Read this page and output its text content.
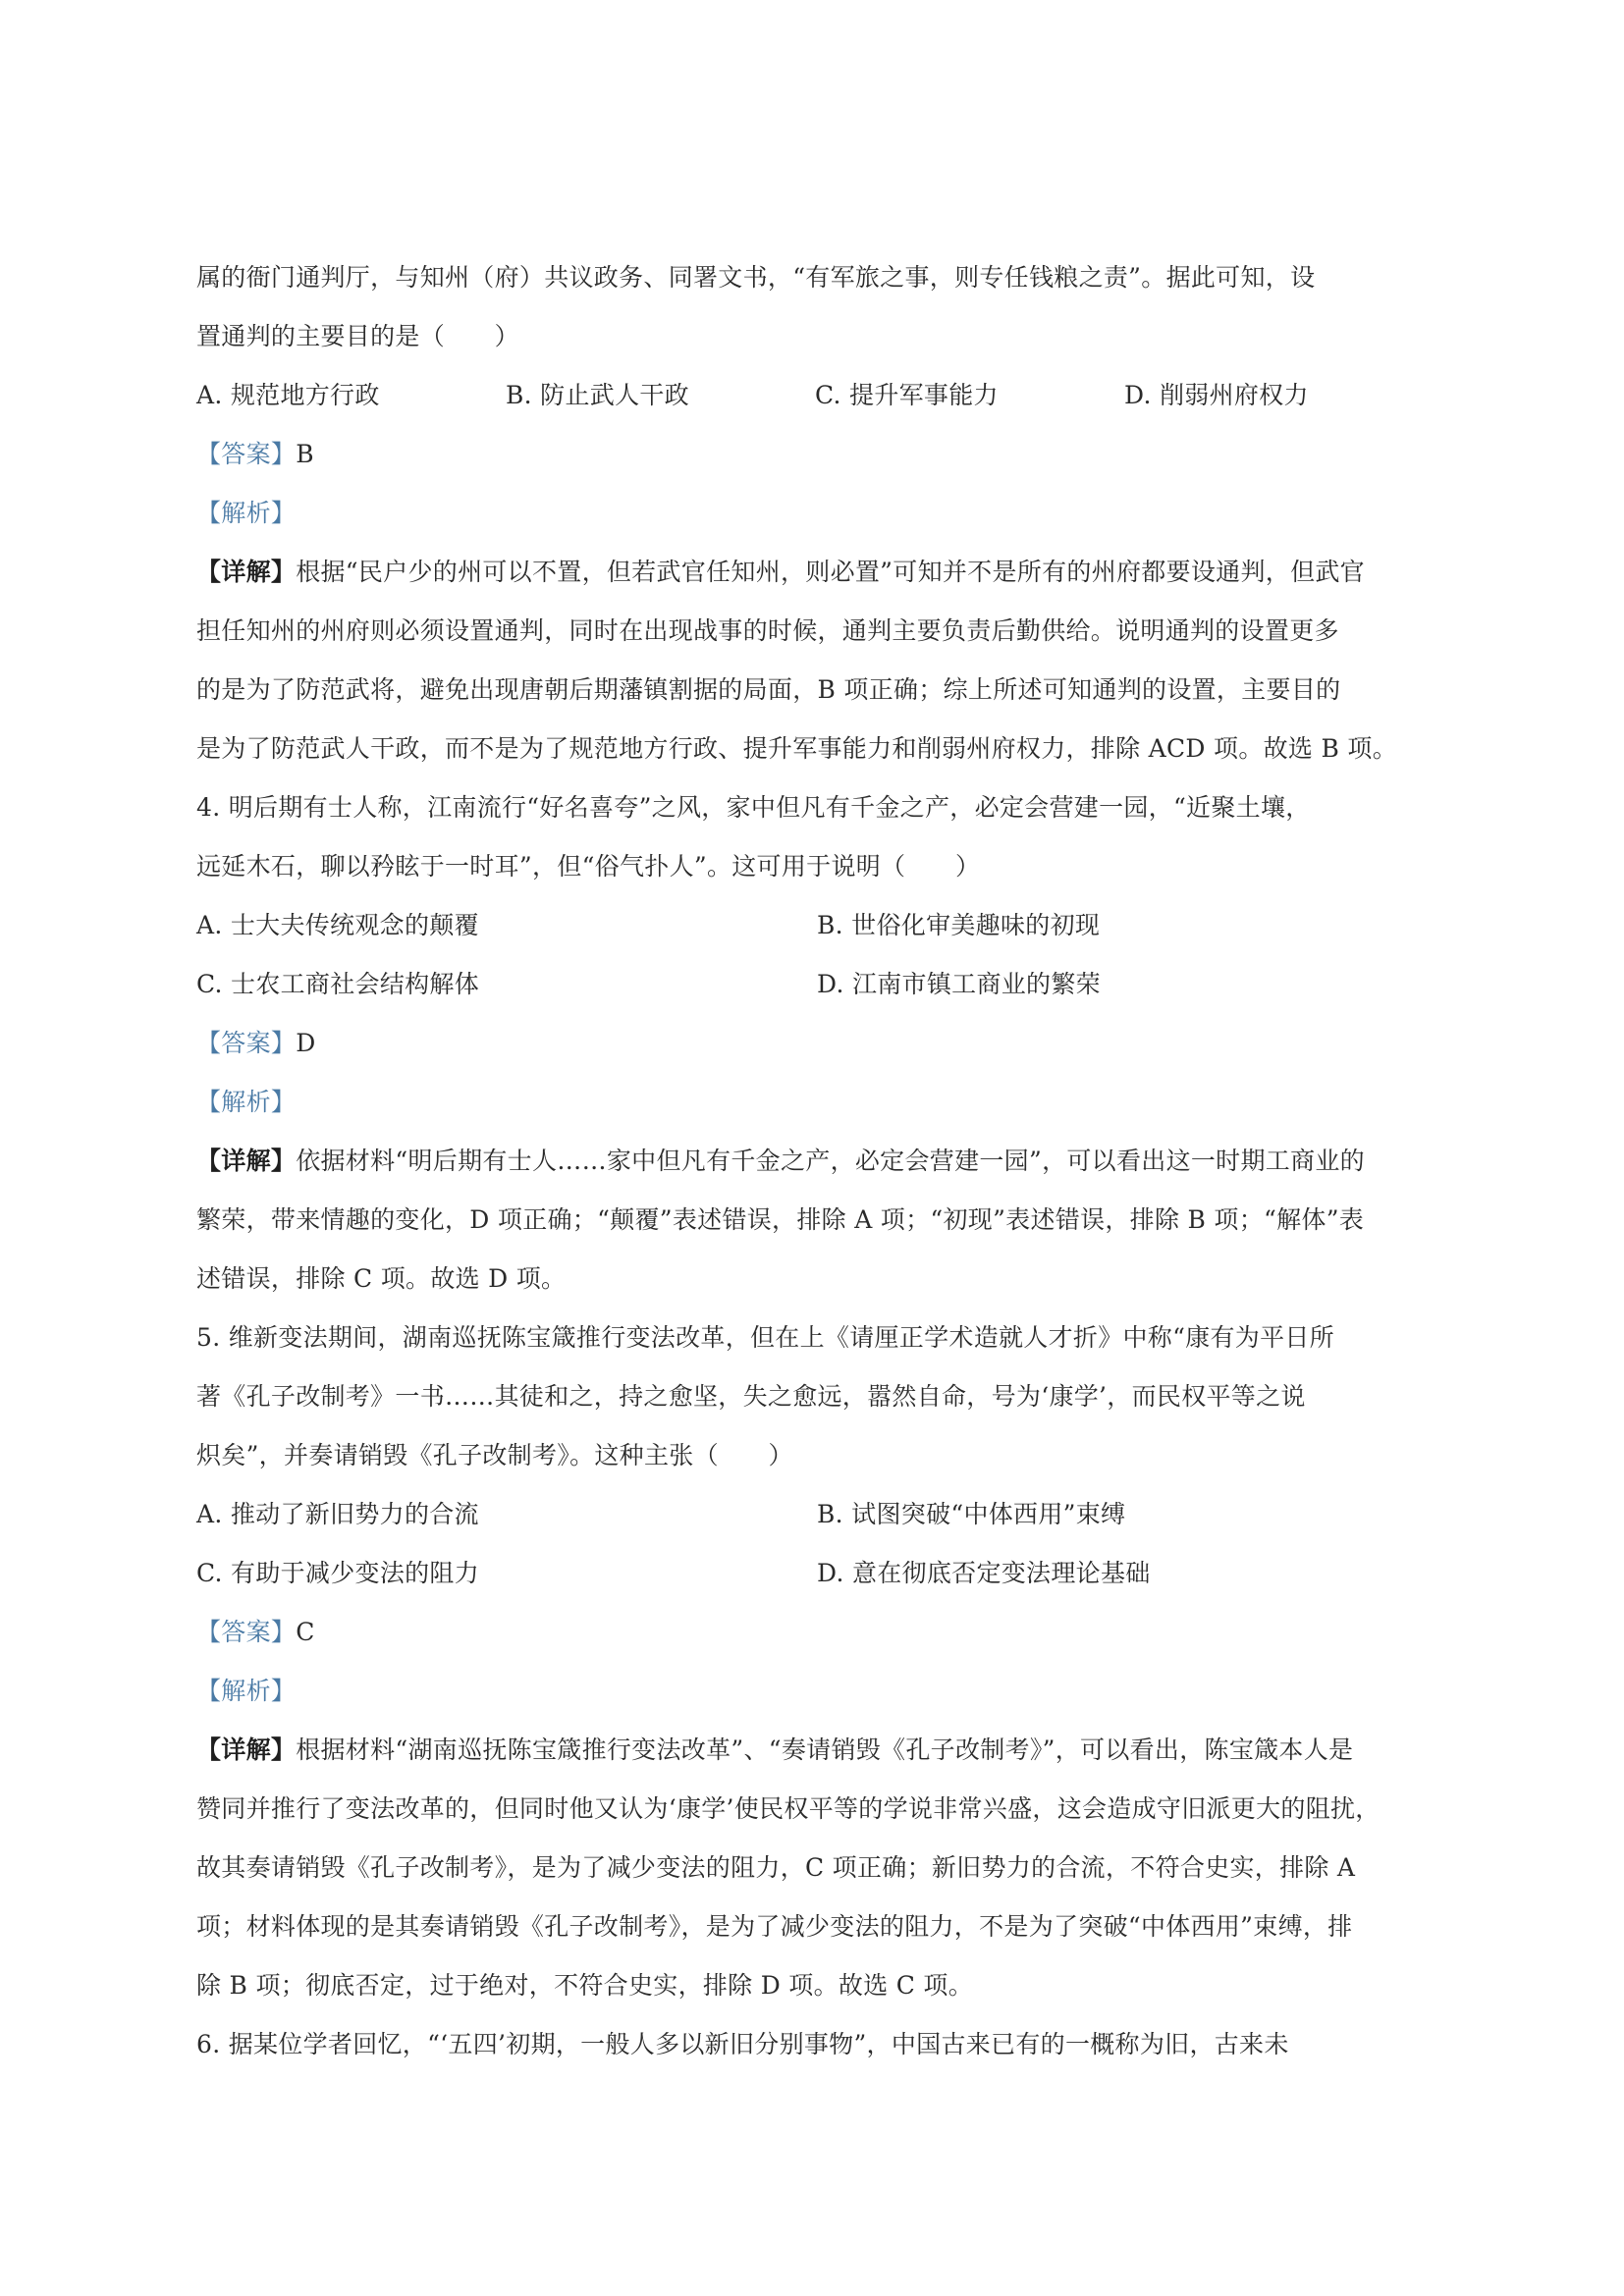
属的衙门通判厅，与知州（府）共议政务、同署文书，“有军旅之事，则专任钱粮之责”。据此可知，设
置通判的主要目的是（　　）
A. 规范地方行政	B. 防止武人干政	C. 提升军事能力	D. 削弱州府权力
【答案】B
【解析】
【详解】根据“民户少的州可以不置，但若武官任知州，则必置”可知并不是所有的州府都要设通判，但武官
担任知州的州府则必须设置通判，同时在出现战事的时候，通判主要负责后勤供给。说明通判的设置更多
的是为了防范武将，避免出现唐朝后期藩镇割据的局面，B 项正确；综上所述可知通判的设置，主要目的
是为了防范武人干政，而不是为了规范地方行政、提升军事能力和削弱州府权力，排除 ACD 项。故选 B 项。
4. 明后期有士人称，江南流行“好名喜夸”之风，家中但凡有千金之产，必定会营建一园，“近聚土壤，
远延木石，聊以矜眩于一时耳”，但“俗气扑人”。这可用于说明（　　）
A. 士大夫传统观念的颠覆	B. 世俗化审美趣味的初现
C. 士农工商社会结构解体	D. 江南市镇工商业的繁荣
【答案】D
【解析】
【详解】依据材料“明后期有士人……家中但凡有千金之产，必定会营建一园”，可以看出这一时期工商业的
繁荣，带来情趣的变化，D 项正确；“颠覆”表述错误，排除 A 项；“初现”表述错误，排除 B 项；“解体”表
述错误，排除 C 项。故选 D 项。
5. 维新变法期间，湖南巡抚陈宝箴推行变法改革，但在上《请厘正学术造就人才折》中称“康有为平日所
著《孔子改制考》一书……其徒和之，持之愈坚，失之愈远，嚣然自命，号为‘康学’，而民权平等之说
炽矣”，并奏请销毁《孔子改制考》。这种主张（　　）
A. 推动了新旧势力的合流	B. 试图突破“中体西用”束缚
C. 有助于减少变法的阻力	D. 意在彻底否定变法理论基础
【答案】C
【解析】
【详解】根据材料“湖南巡抚陈宝箴推行变法改革”、“奏请销毁《孔子改制考》”，可以看出，陈宝箴本人是
赞同并推行了变法改革的，但同时他又认为‘康学’使民权平等的学说非常兴盛，这会造成守旧派更大的阻扰，
故其奏请销毁《孔子改制考》，是为了减少变法的阻力，C 项正确；新旧势力的合流，不符合史实，排除 A
项；材料体现的是其奏请销毁《孔子改制考》，是为了减少变法的阻力，不是为了突破“中体西用”束缚，排
除 B 项；彻底否定，过于绝对，不符合史实，排除 D 项。故选 C 项。
6. 据某位学者回忆，“‘五四’初期，一般人多以新旧分别事物”，中国古来已有的一概称为旧，古来未
